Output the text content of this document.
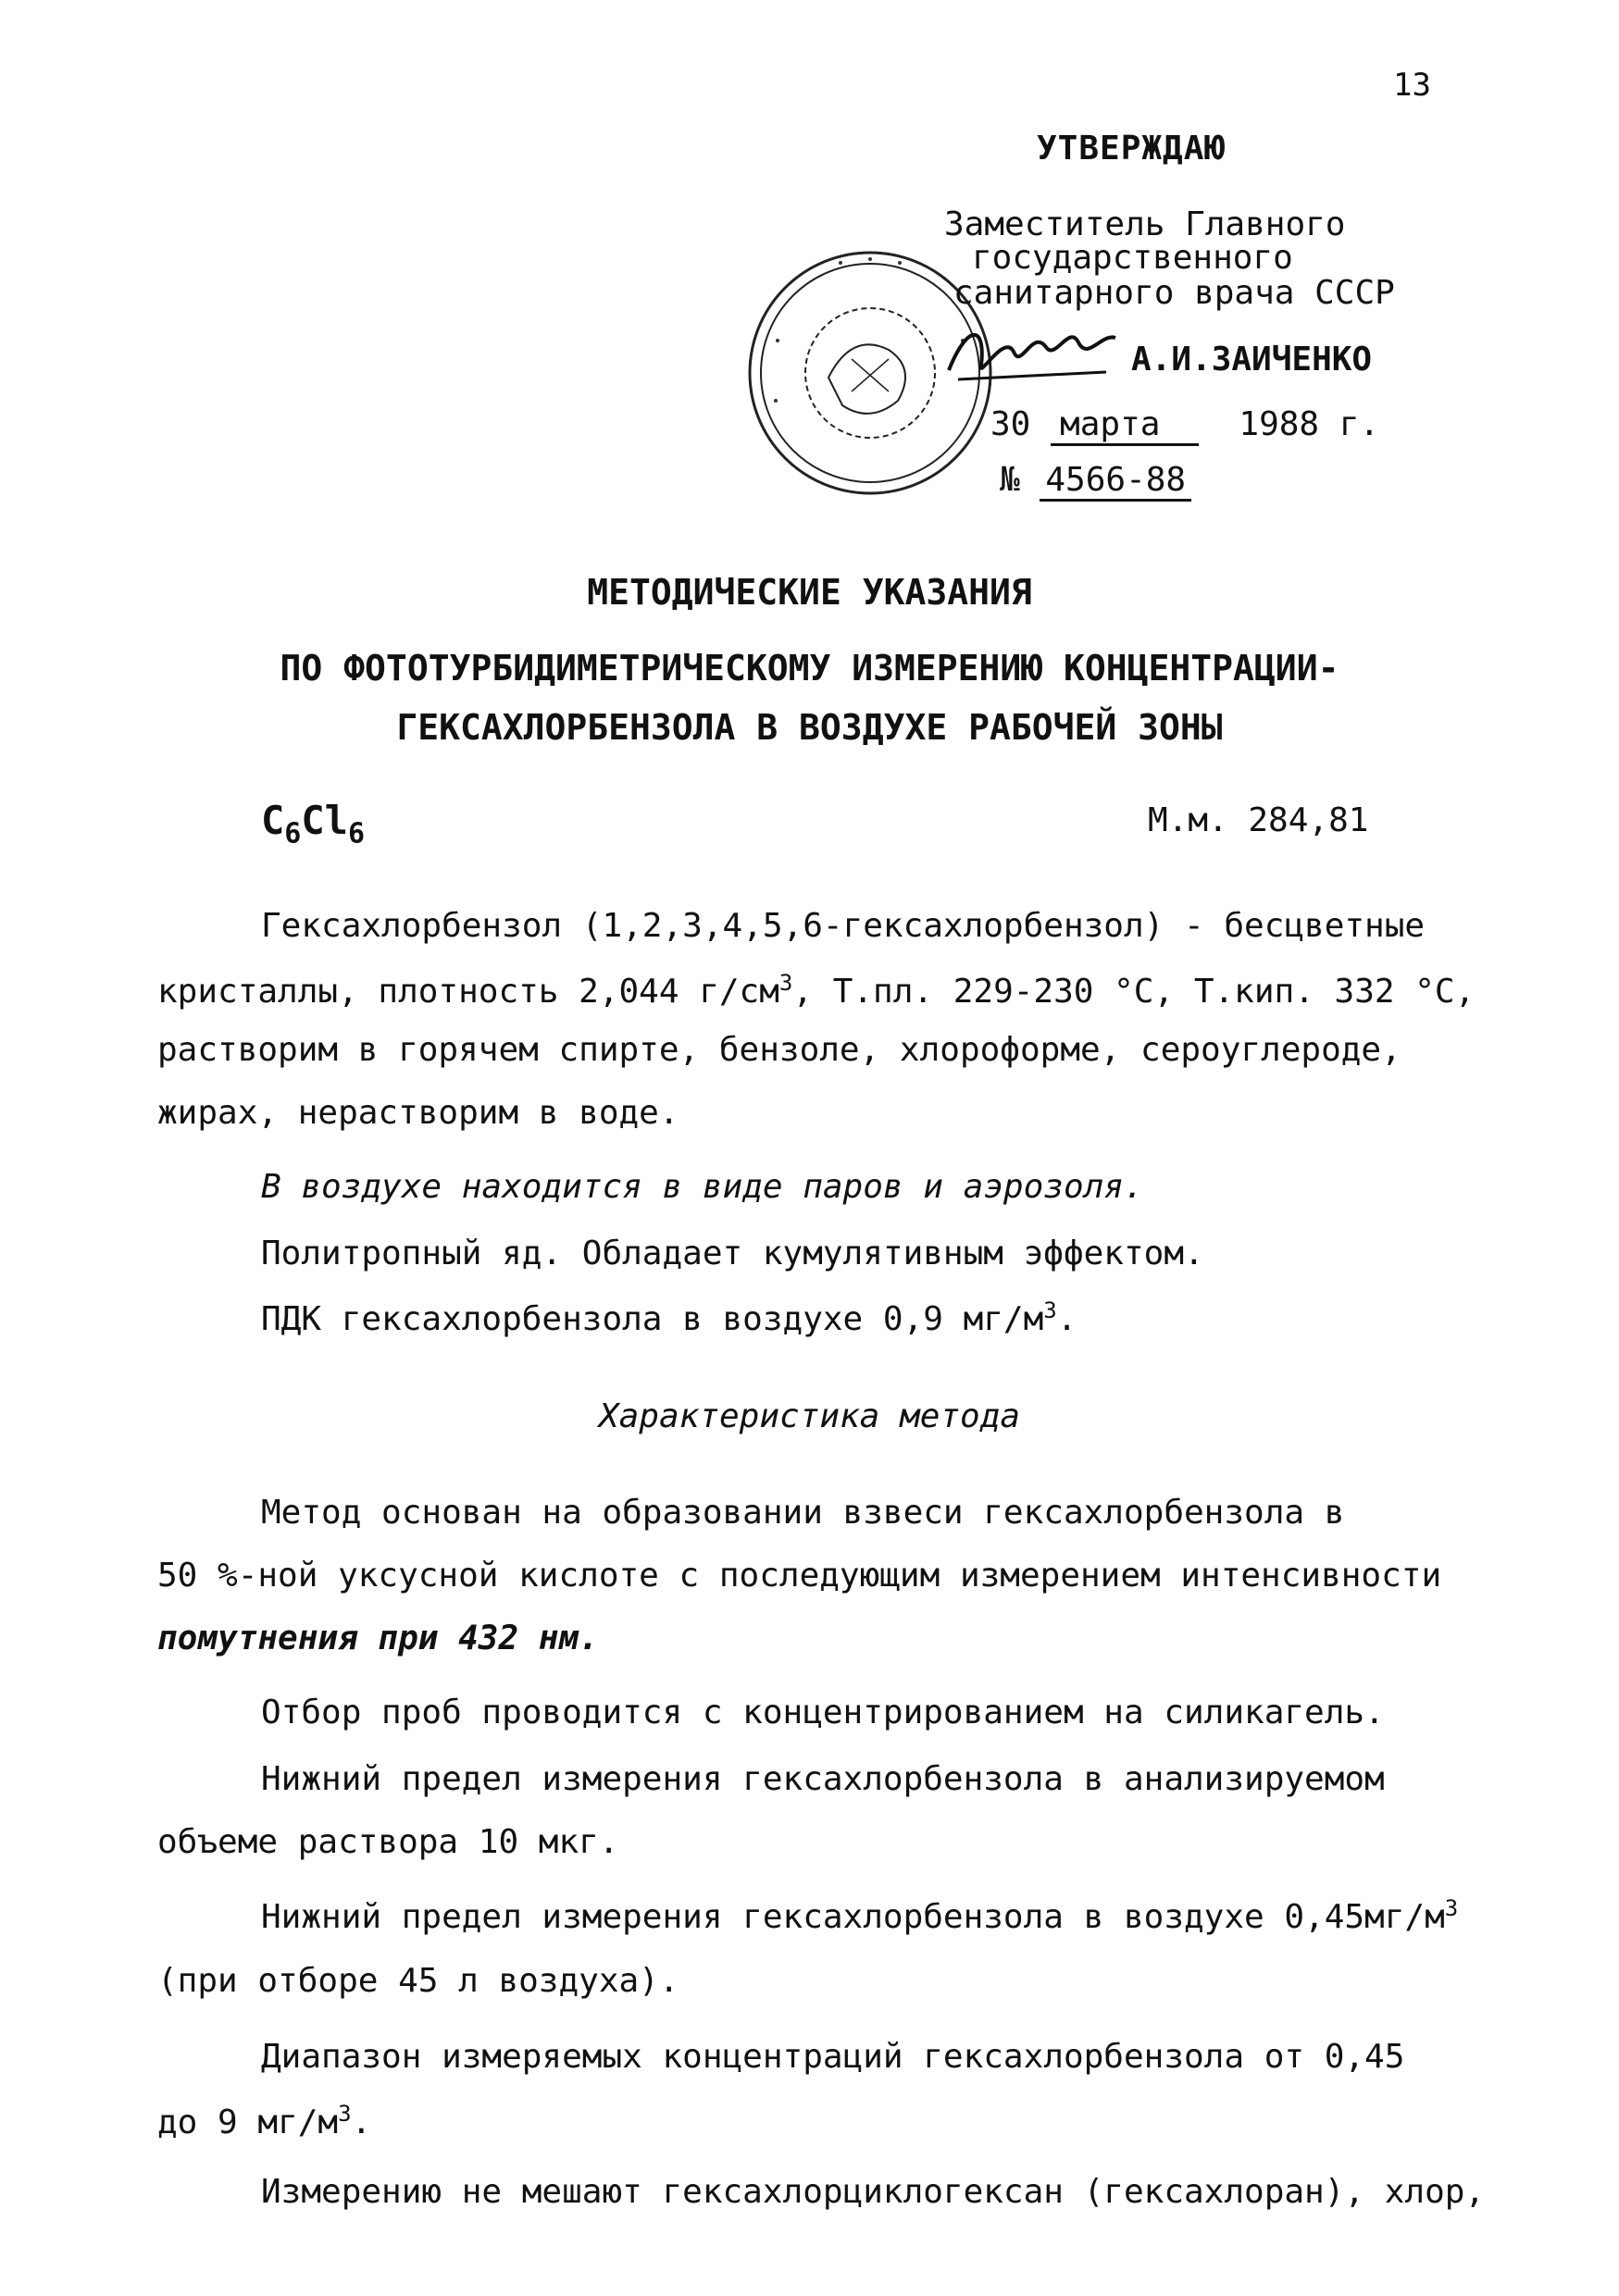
13
УТВЕРЖДАЮ
Заместитель Главного
государственного
санитарного врача СССР
А.И.ЗАИЧЕНКО
30 марта 1988 г.
№ 4566-88
МЕТОДИЧЕСКИЕ УКАЗАНИЯ
ПО ФОТОТУРБИДИМЕТРИЧЕСКОМУ ИЗМЕРЕНИЮ КОНЦЕНТРАЦИИ-
ГЕКСАХЛОРБЕНЗОЛА В ВОЗДУХЕ РАБОЧЕЙ ЗОНЫ
$C_6Cl_6$	М.м. 284,81
Гексахлорбензол (1,2,3,4,5,6-гексахлорбензол) - бесцветные
кристаллы, плотность 2,044 $г/см^3$, Т.пл. 229-230 °С, Т.кип. 332 °С,
растворим в горячем спирте, бензоле, хлороформе, сероуглероде,
жирах, нерастворим в воде.
В воздухе находится в виде паров и аэрозоля.
Политропный яд. Обладает кумулятивным эффектом.
ПДК гексахлорбензола в воздухе 0,9 $мг/м^3$.
Характеристика метода
Метод основан на образовании взвеси гексахлорбензола в
50 %-ной уксусной кислоте с последующим измерением интенсивности
помутнения при 432 нм.
Отбор проб проводится с концентрированием на силикагель.
Нижний предел измерения гексахлорбензола в анализируемом
объеме раствора 10 мкг.
Нижний предел измерения гексахлорбензола в воздухе $0,45мг/м^3$
(при отборе 45 л воздуха).
Диапазон измеряемых концентраций гексахлорбензола от 0,45
до 9 $мг/м^3$.
Измерению не мешают гексахлорциклогексан (гексахлоран), хлор,
